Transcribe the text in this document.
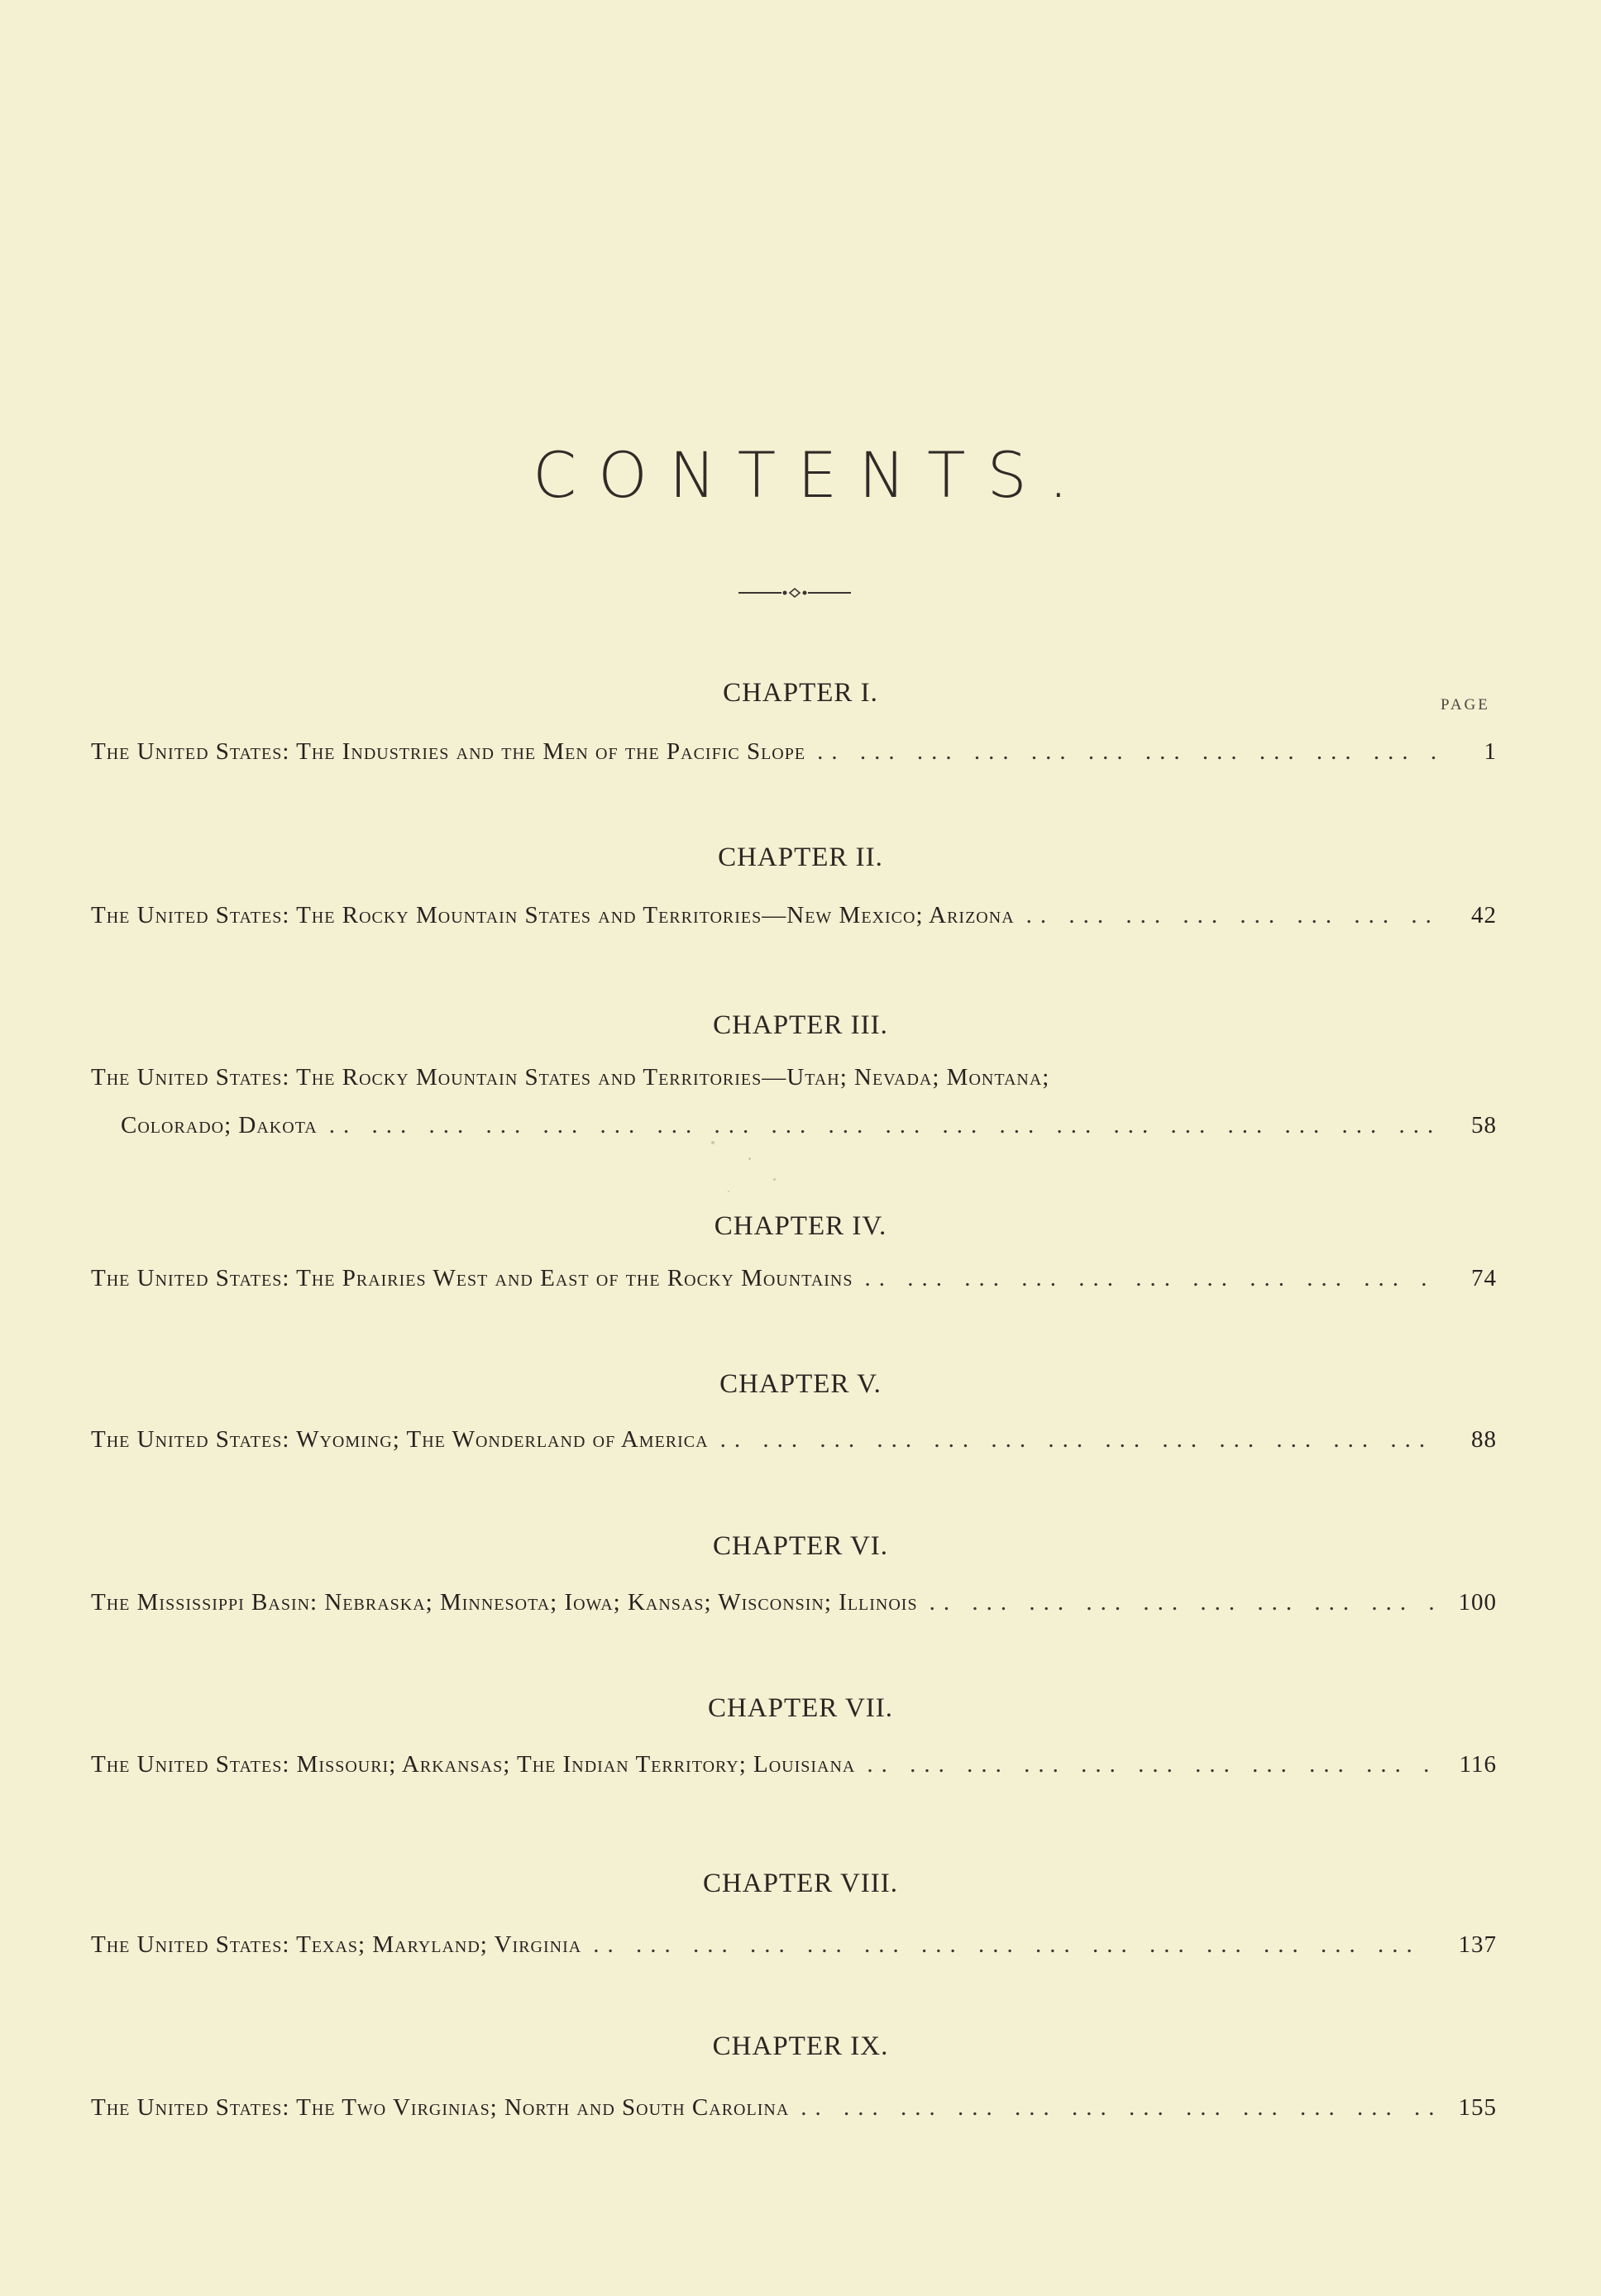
CONTENTS.
PAGE
CHAPTER I.
The United States: The Industries and the Men of the Pacific Slope .. ..	1
CHAPTER II.
The United States: The Rocky Mountain States and Territories—New Mexico; Arizona .. ..	42
CHAPTER III.
The United States: The Rocky Mountain States and Territories—Utah; Nevada; Montana;
Colorado; Dakota .. ..	58
CHAPTER IV.
The United States: The Prairies West and East of the Rocky Mountains .. ..	74
CHAPTER V.
The United States: Wyoming; The Wonderland of America .. ..	88
CHAPTER VI.
The Mississippi Basin: Nebraska; Minnesota; Iowa; Kansas; Wisconsin; Illinois .. ..	100
CHAPTER VII.
The United States: Missouri; Arkansas; The Indian Territory; Louisiana .. ..	116
CHAPTER VIII.
The United States: Texas; Maryland; Virginia .. ..	137
CHAPTER IX.
The United States: The Two Virginias; North and South Carolina .. ..	155
